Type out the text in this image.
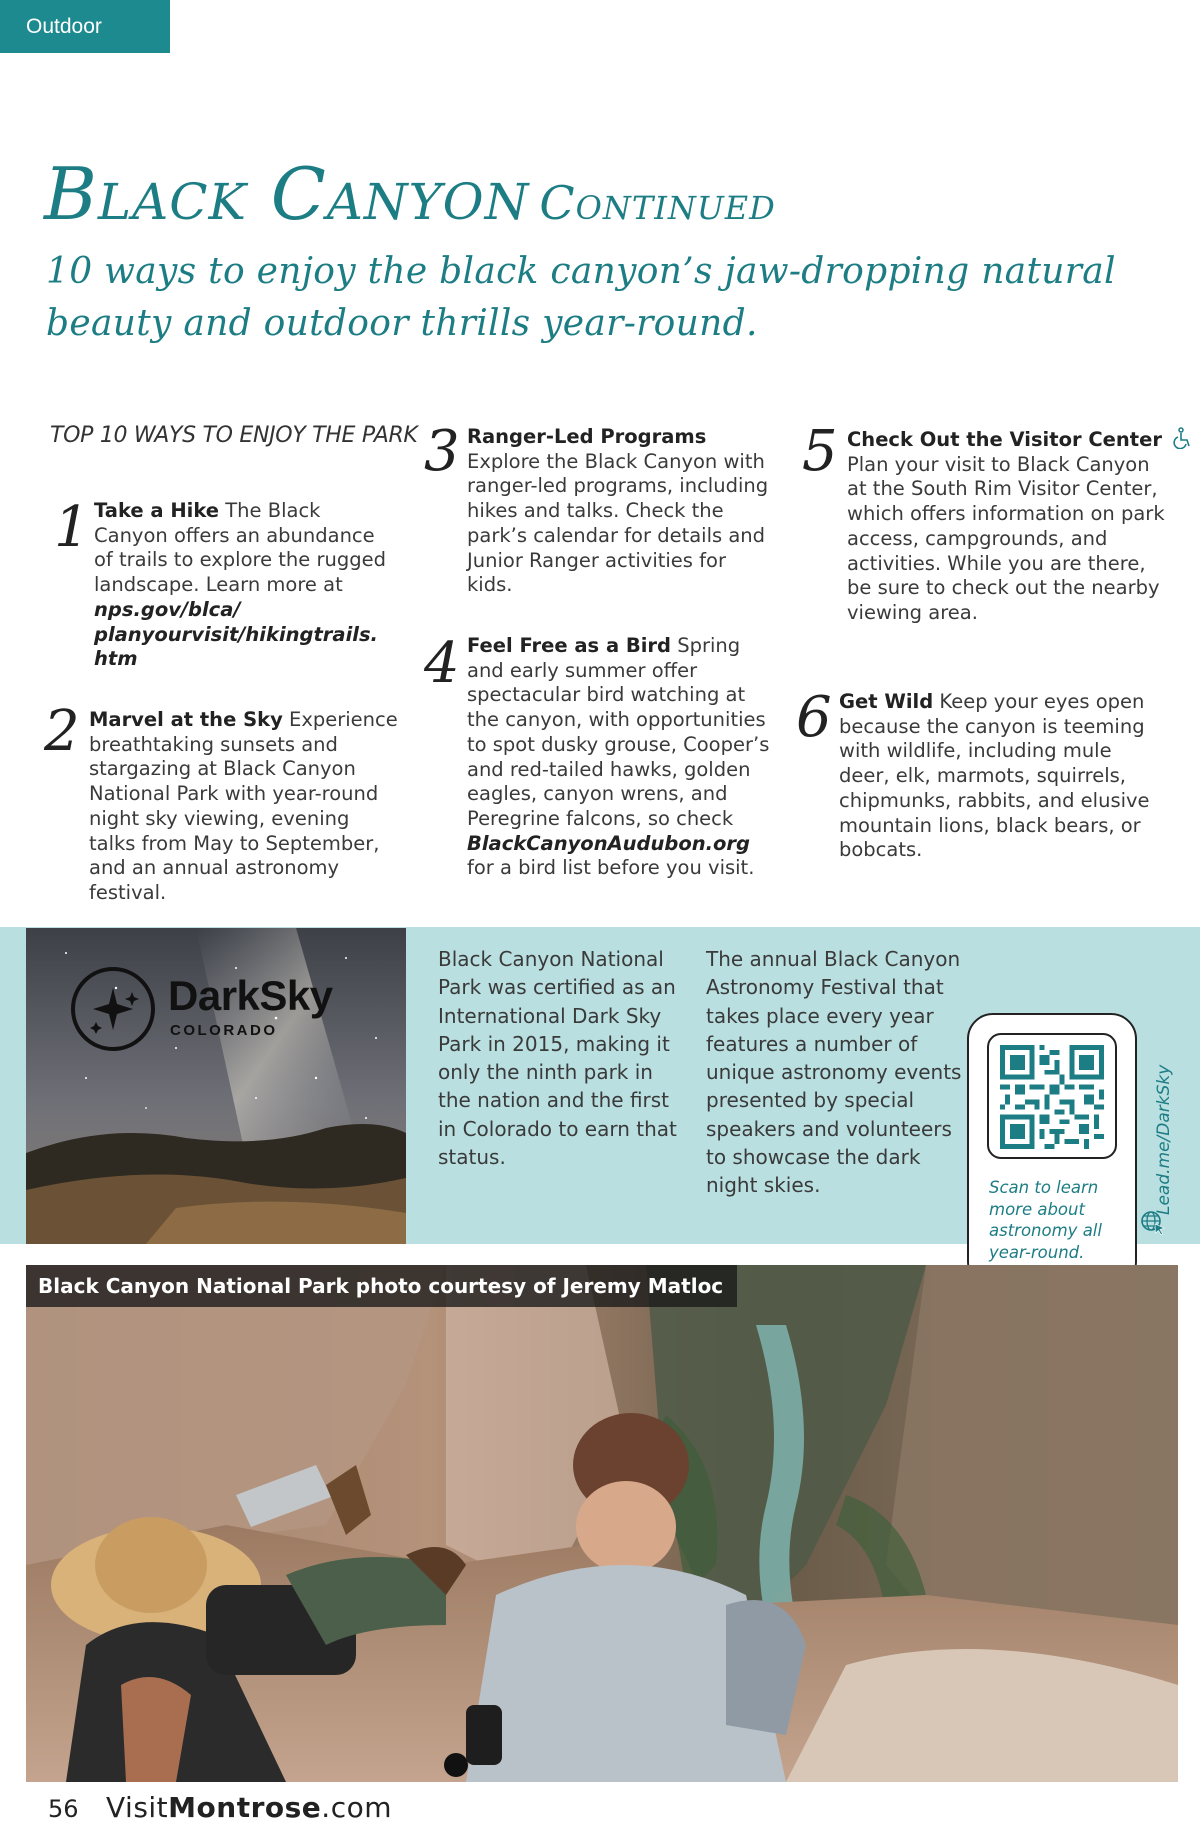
Outdoor
Black Canyon Continued
10 ways to enjoy the black canyon’s jaw-dropping natural beauty and outdoor thrills year-round.
TOP 10 WAYS TO ENJOY THE PARK
1 Take a Hike The Black Canyon offers an abundance of trails to explore the rugged landscape. Learn more at nps.gov/blca/ planyourvisit/hikingtrails. htm
2 Marvel at the Sky Experience breathtaking sunsets and stargazing at Black Canyon National Park with year-round night sky viewing, evening talks from May to September, and an annual astronomy festival.
3 Ranger-Led Programs
Explore the Black Canyon with ranger-led programs, including hikes and talks. Check the park’s calendar for details and Junior Ranger activities for kids.
4 Feel Free as a Bird Spring and early summer offer spectacular bird watching at the canyon, with opportunities to spot dusky grouse, Cooper’s and red-tailed hawks, golden eagles, canyon wrens, and Peregrine falcons, so check BlackCanyonAudubon.org for a bird list before you visit.
5 Check Out the Visitor Center
Plan your visit to Black Canyon at the South Rim Visitor Center, which offers information on park access, campgrounds, and activities. While you are there, be sure to check out the nearby viewing area.
6 Get Wild Keep your eyes open because the canyon is teeming with wildlife, including mule deer, elk, marmots, squirrels, chipmunks, rabbits, and elusive mountain lions, black bears, or bobcats.
DarkSky
COLORADO
Black Canyon National Park was certified as an International Dark Sky Park in 2015, making it only the ninth park in the nation and the first in Colorado to earn that status.
The annual Black Canyon Astronomy Festival that takes place every year features a number of unique astronomy events presented by special speakers and volunteers to showcase the dark night skies.	Scan to learn more about astronomy all year-round.
Lead.me/DarkSky
Black Canyon National Park photo courtesy of Jeremy Matloc
56 VisitMontrose.com
